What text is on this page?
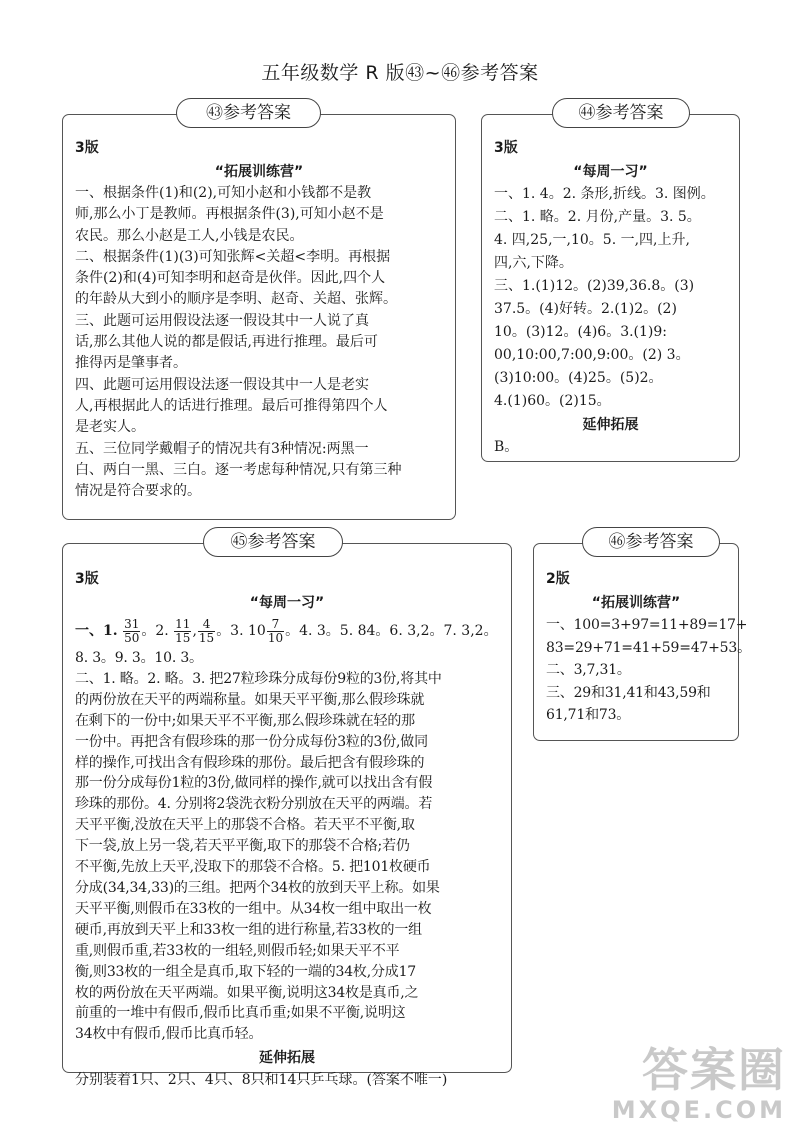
五年级数学 R 版㊸~㊻参考答案
3版
“拓展训练营”
一、根据条件(1)和(2),可知小赵和小钱都不是教
师,那么小丁是教师。再根据条件(3),可知小赵不是
农民。那么小赵是工人,小钱是农民。
二、根据条件(1)(3)可知张辉<关超<李明。再根据
条件(2)和(4)可知李明和赵奇是伙伴。因此,四个人
的年龄从大到小的顺序是李明、赵奇、关超、张辉。
三、此题可运用假设法逐一假设其中一人说了真
话,那么其他人说的都是假话,再进行推理。最后可
推得丙是肇事者。
四、此题可运用假设法逐一假设其中一人是老实
人,再根据此人的话进行推理。最后可推得第四个人
是老实人。
五、三位同学戴帽子的情况共有3种情况:两黑一
白、两白一黑、三白。逐一考虑每种情况,只有第三种
情况是符合要求的。
㊸参考答案
3版
“每周一习”
一、1. 4。2. 条形,折线。3. 图例。
二、1. 略。2. 月份,产量。3. 5。
4. 四,25,一,10。5. 一,四,上升,
四,六,下降。
三、1.(1)12。(2)39,36.8。(3)
37.5。(4)好转。2.(1)2。(2)
10。(3)12。(4)6。3.(1)9:
00,10:00,7:00,9:00。(2) 3。
(3)10:00。(4)25。(5)2。
4.(1)60。(2)15。
延伸拓展
B。
㊹参考答案
3版
“每周一习”
一、1. $\frac{31}{50}$ 。2. $\frac{11}{15}$ , $\frac{4}{15}$ 。3. $10 \frac{7}{10}$ 。4. 3。5. 84。6. 3,2。7. 3,2。
8. 3。9. 3。10. 3。
二、1. 略。2. 略。3. 把27粒珍珠分成每份9粒的3份,将其中
的两份放在天平的两端称量。如果天平平衡,那么假珍珠就
在剩下的一份中;如果天平不平衡,那么假珍珠就在轻的那
一份中。再把含有假珍珠的那一份分成每份3粒的3份,做同
样的操作,可找出含有假珍珠的那份。最后把含有假珍珠的
那一份分成每份1粒的3份,做同样的操作,就可以找出含有假
珍珠的那份。4. 分别将2袋洗衣粉分别放在天平的两端。若
天平平衡,没放在天平上的那袋不合格。若天平不平衡,取
下一袋,放上另一袋,若天平平衡,取下的那袋不合格;若仍
不平衡,先放上天平,没取下的那袋不合格。5. 把101枚硬币
分成(34,34,33)的三组。把两个34枚的放到天平上称。如果
天平平衡,则假币在33枚的一组中。从34枚一组中取出一枚
硬币,再放到天平上和33枚一组的进行称量,若33枚的一组
重,则假币重,若33枚的一组轻,则假币轻;如果天平不平
衡,则33枚的一组全是真币,取下轻的一端的34枚,分成17
枚的两份放在天平两端。如果平衡,说明这34枚是真币,之
前重的一堆中有假币,假币比真币重;如果不平衡,说明这
34枚中有假币,假币比真币轻。
延伸拓展
分别装着1只、2只、4只、8只和14只乒乓球。(答案不唯一)
㊺参考答案
2版
“拓展训练营”
一、100=3+97=11+89=17+
83=29+71=41+59=47+53。
二、3,7,31。
三、29和31,41和43,59和
61,71和73。
㊻参考答案
答案圈
MXQE.COM
